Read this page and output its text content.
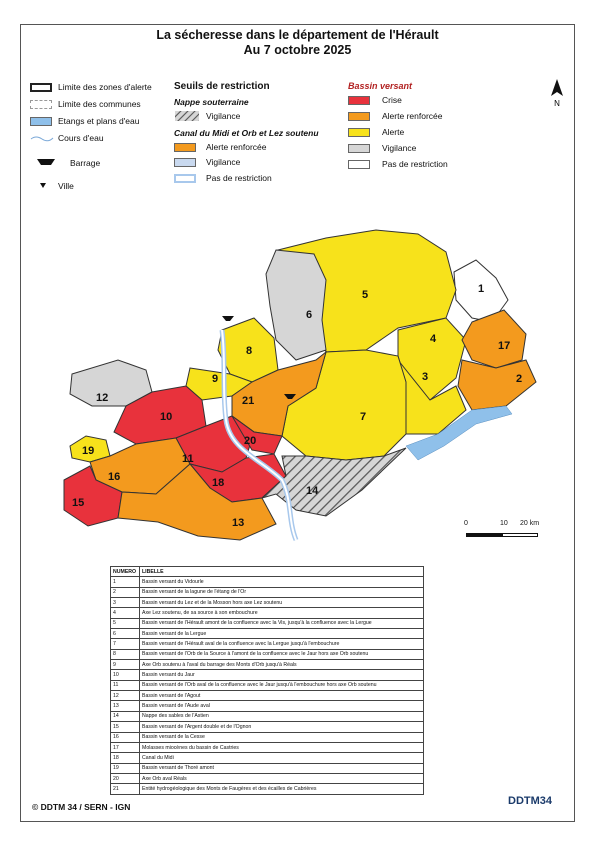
La sécheresse dans le département de l'Hérault
Au 7 octobre 2025
Limite des zones d'alerte
Limite des communes
Etangs et plans d'eau
Cours d'eau
Barrage
Ville
Seuils de restriction
Nappe souterraine
Vigilance
Canal du Midi et Orb et Lez soutenu
Alerte renforcée
Vigilance
Pas de restriction
Bassin versant
Crise
Alerte renforcée
Alerte
Vigilance
Pas de restriction
N
1
2
3
4
5
6
7
8
9
10
11
12
13
14
15
16
17
18
19
20
21
0	10 20 km
NUMERO	LIBELLE
1	Bassin versant du Vidourle
2	Bassin versant de la lagune de l'étang de l'Or
3	Bassin versant du Lez et de la Mosson hors axe Lez soutenu
4	Axe Lez soutenu, de sa source à son embouchure
5	Bassin versant de l'Hérault amont de la confluence avec la Vis, jusqu'à la confluence avec la Lergue
6	Bassin versant de la Lergue
7	Bassin versant de l'Hérault aval de la confluence avec la Lergue jusqu'à l'embouchure
8	Bassin versant de l'Orb de la Source à l'amont de la confluence avec le Jaur hors axe Orb soutenu
9	Axe Orb soutenu à l'aval du barrage des Monts d'Orb jusqu'à Réals
10	Bassin versant du Jaur
11	Bassin versant de l'Orb aval de la confluence avec le Jaur jusqu'à l'embouchure hors axe Orb soutenu
12	Bassin versant de l'Agout
13	Bassin versant de l'Aude aval
14	Nappe des sables de l'Astien
15	Bassin versant de l'Argent double et de l'Ognon
16	Bassin versant de la Cesse
17	Molasses miocènes du bassin de Castries
18	Canal du Midi
19	Bassin versant de Thoré amont
20	Axe Orb aval Réals
21	Entité hydrogéologique des Monts de Faugères et des écailles de Cabrières
© DDTM 34 / SERN - IGN	DDTM34
